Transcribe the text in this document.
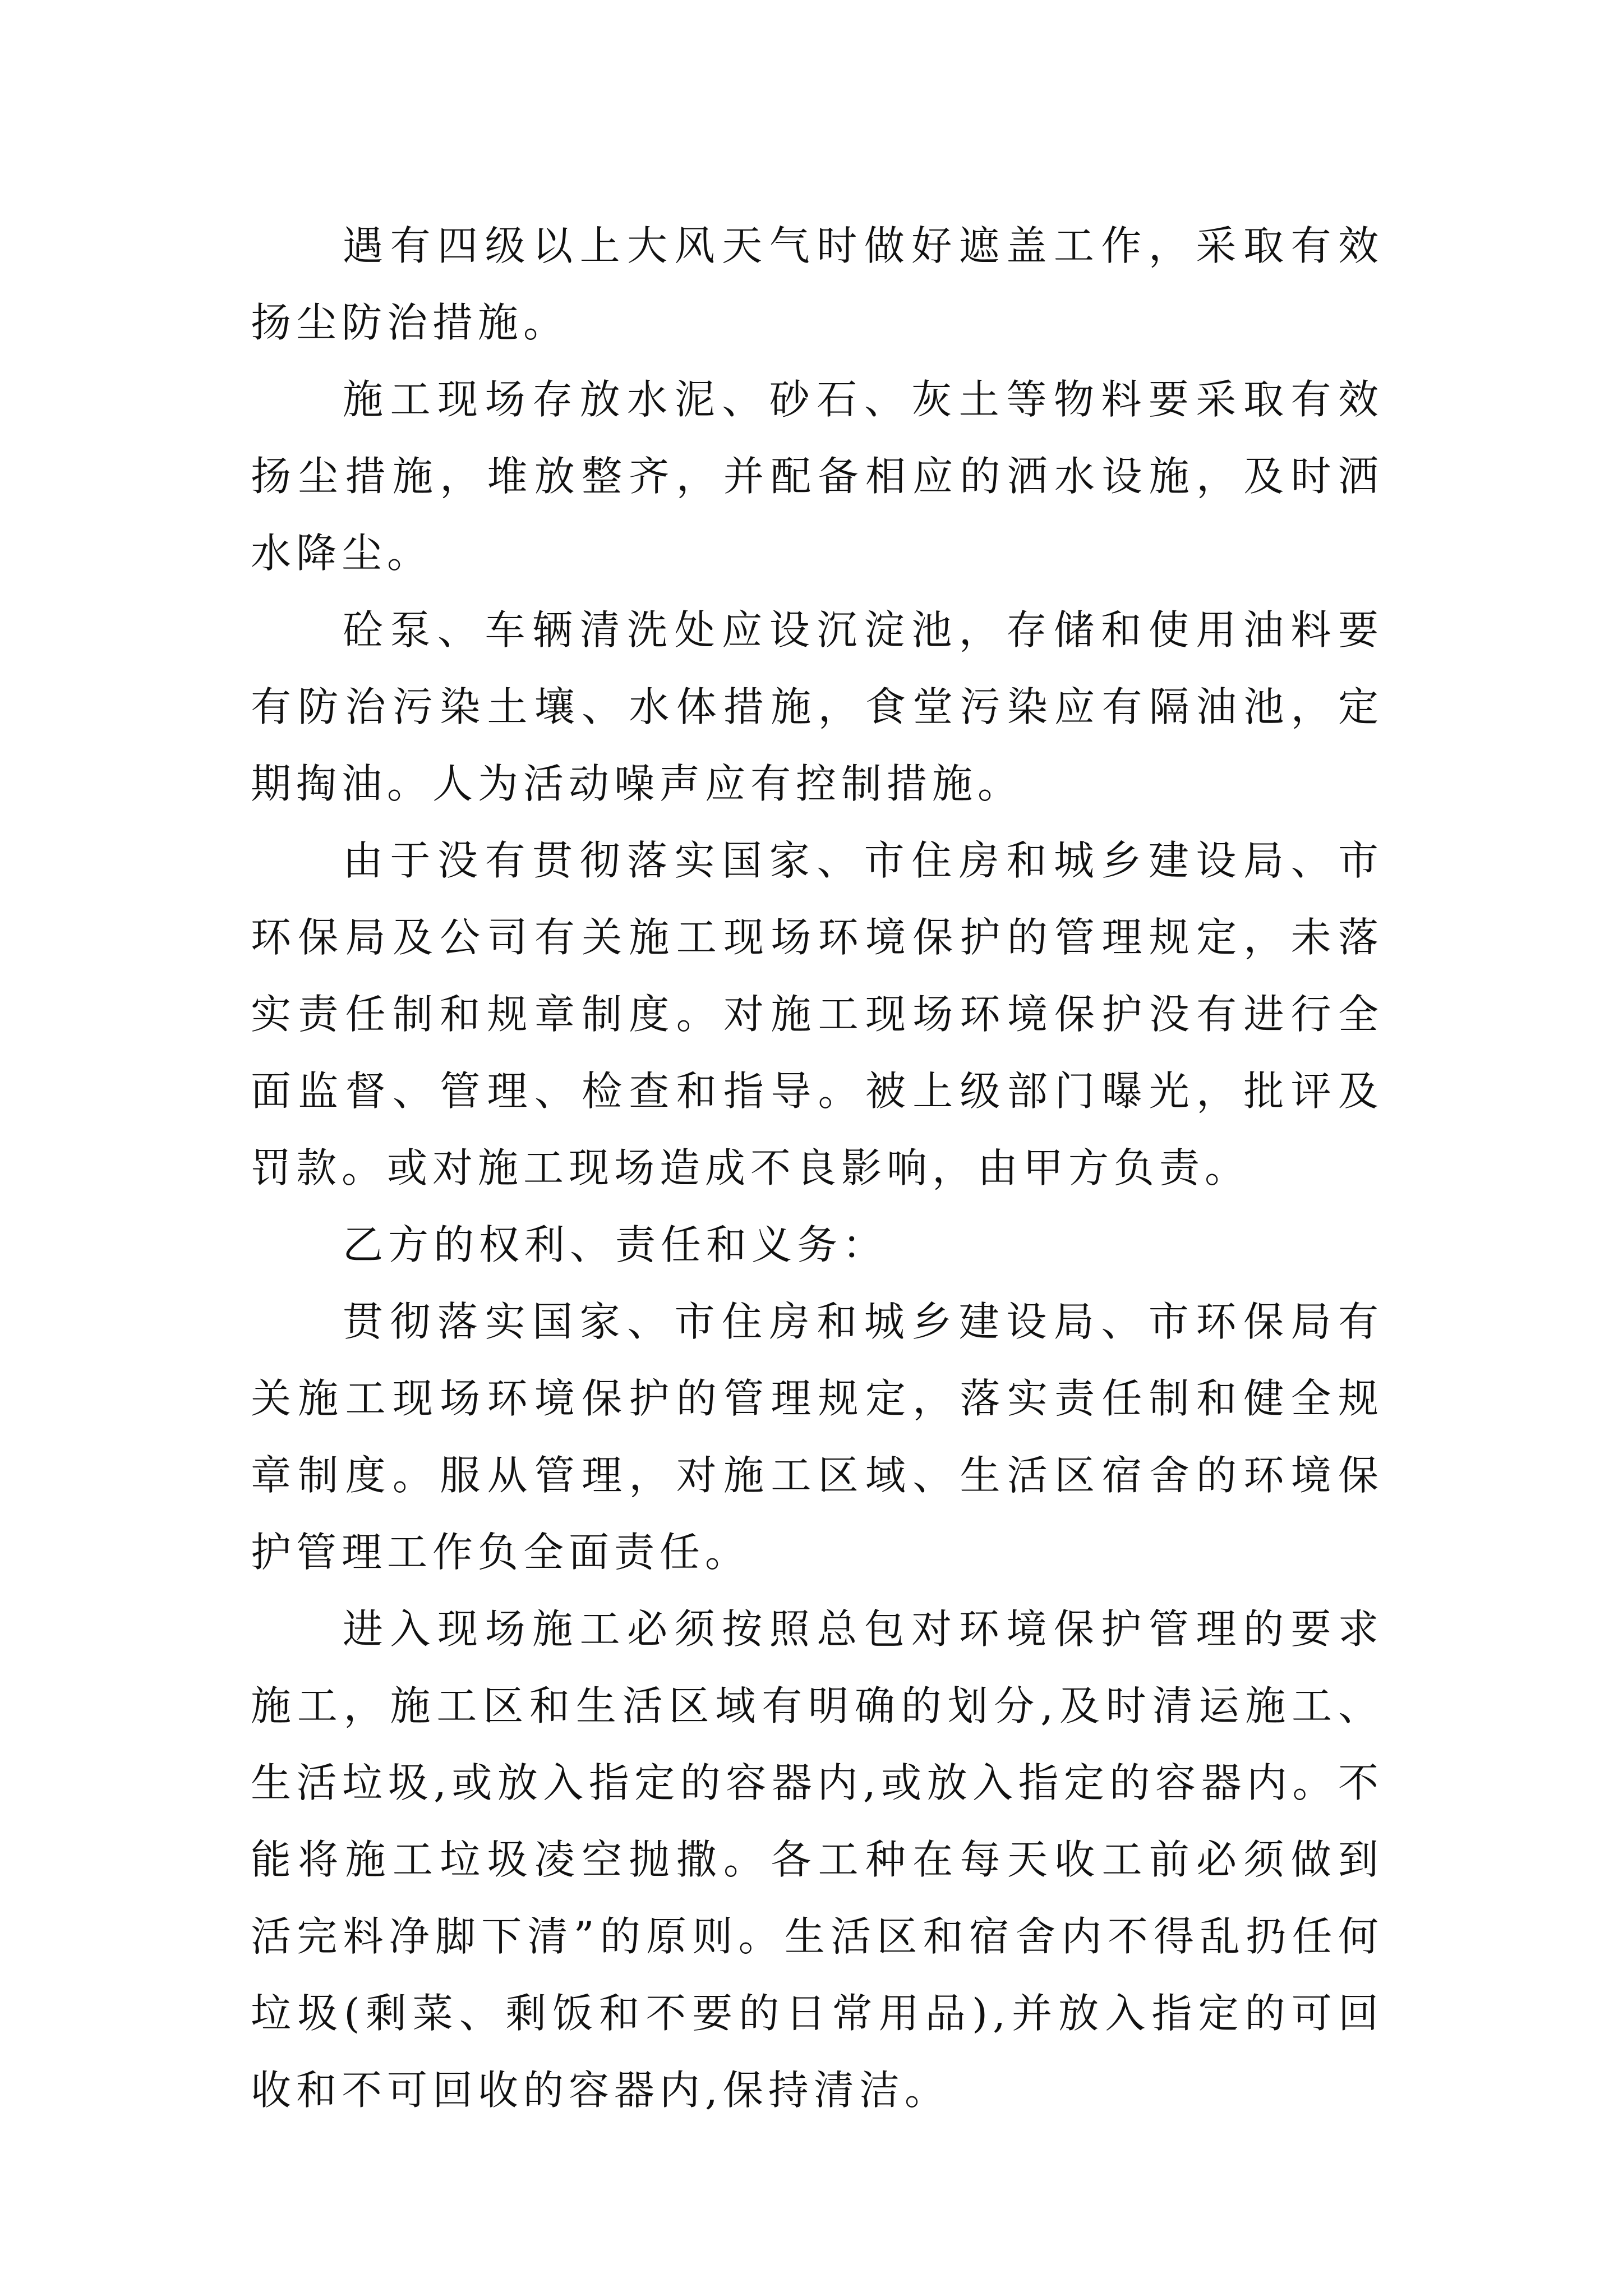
遇有四级以上大风天气时做好遮盖工作，采取有效扬尘防治措施。

施工现场存放水泥、砂石、灰土等物料要采取有效扬尘措施，堆放整齐，并配备相应的洒水设施，及时洒水降尘。

砼泵、车辆清洗处应设沉淀池，存储和使用油料要有防治污染土壤、水体措施，食堂污染应有隔油池，定期掏油。人为活动噪声应有控制措施。

由于没有贯彻落实国家、市住房和城乡建设局、市环保局及公司有关施工现场环境保护的管理规定，未落实责任制和规章制度。对施工现场环境保护没有进行全面监督、管理、检查和指导。被上级部门曝光，批评及罚款。或对施工现场造成不良影响，由甲方负责。

乙方的权利、责任和义务：

贯彻落实国家、市住房和城乡建设局、市环保局有关施工现场环境保护的管理规定，落实责任制和健全规章制度。服从管理，对施工区域、生活区宿舍的环境保护管理工作负全面责任。

进入现场施工必须按照总包对环境保护管理的要求施工，施工区和生活区域有明确的划分,及时清运施工、生活垃圾,或放入指定的容器内,或放入指定的容器内。不能将施工垃圾凌空抛撒。各工种在每天收工前必须做到活完料净脚下清”的原则。生活区和宿舍内不得乱扔任何垃圾(剩菜、剩饭和不要的日常用品),并放入指定的可回收和不可回收的容器内,保持清洁。
